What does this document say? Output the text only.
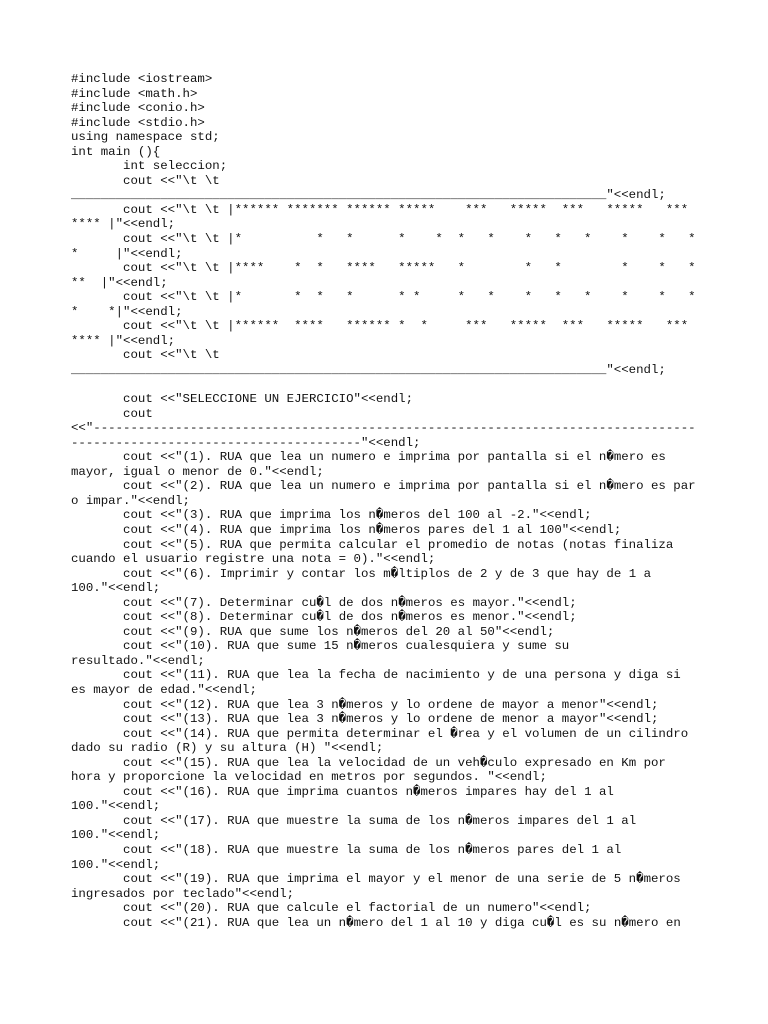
#include <iostream>
#include <math.h>
#include <conio.h>
#include <stdio.h>
using namespace std;
int main (){
int seleccion;
cout <<"\t \t
________________________________________________________________________"<<endl;
cout <<"\t \t |****** ******* ****** *****    ***   *****  ***   *****   ***
**** |"<<endl;
cout <<"\t \t |*          *   *      *    *  *   *    *   *   *    *    *   *
*     |"<<endl;
cout <<"\t \t |****    *  *   ****   *****   *        *   *        *    *   *
**  |"<<endl;
cout <<"\t \t |*       *  *   *      * *     *   *    *   *   *    *    *   *
*    *|"<<endl;
cout <<"\t \t |******  ****   ****** *  *     ***   *****  ***   *****   ***
**** |"<<endl;
cout <<"\t \t
________________________________________________________________________"<<endl;
cout <<"SELECCIONE UN EJERCICIO"<<endl;
cout
<<"---------------------------------------------------------------------------------
---------------------------------------"<<endl;
cout <<"(1). RUA que lea un numero e imprima por pantalla si el n�mero es
mayor, igual o menor de 0."<<endl;
cout <<"(2). RUA que lea un numero e imprima por pantalla si el n�mero es par
o impar."<<endl;
cout <<"(3). RUA que imprima los n�meros del 100 al -2."<<endl;
cout <<"(4). RUA que imprima los n�meros pares del 1 al 100"<<endl;
cout <<"(5). RUA que permita calcular el promedio de notas (notas finaliza
cuando el usuario registre una nota = 0)."<<endl;
cout <<"(6). Imprimir y contar los m�ltiplos de 2 y de 3 que hay de 1 a
100."<<endl;
cout <<"(7). Determinar cu�l de dos n�meros es mayor."<<endl;
cout <<"(8). Determinar cu�l de dos n�meros es menor."<<endl;
cout <<"(9). RUA que sume los n�meros del 20 al 50"<<endl;
cout <<"(10). RUA que sume 15 n�meros cualesquiera y sume su
resultado."<<endl;
cout <<"(11). RUA que lea la fecha de nacimiento y de una persona y diga si
es mayor de edad."<<endl;
cout <<"(12). RUA que lea 3 n�meros y lo ordene de mayor a menor"<<endl;
cout <<"(13). RUA que lea 3 n�meros y lo ordene de menor a mayor"<<endl;
cout <<"(14). RUA que permita determinar el �rea y el volumen de un cilindro
dado su radio (R) y su altura (H) "<<endl;
cout <<"(15). RUA que lea la velocidad de un veh�culo expresado en Km por
hora y proporcione la velocidad en metros por segundos. "<<endl;
cout <<"(16). RUA que imprima cuantos n�meros impares hay del 1 al
100."<<endl;
cout <<"(17). RUA que muestre la suma de los n�meros impares del 1 al
100."<<endl;
cout <<"(18). RUA que muestre la suma de los n�meros pares del 1 al
100."<<endl;
cout <<"(19). RUA que imprima el mayor y el menor de una serie de 5 n�meros
ingresados por teclado"<<endl;
cout <<"(20). RUA que calcule el factorial de un numero"<<endl;
cout <<"(21). RUA que lea un n�mero del 1 al 10 y diga cu�l es su n�mero en
